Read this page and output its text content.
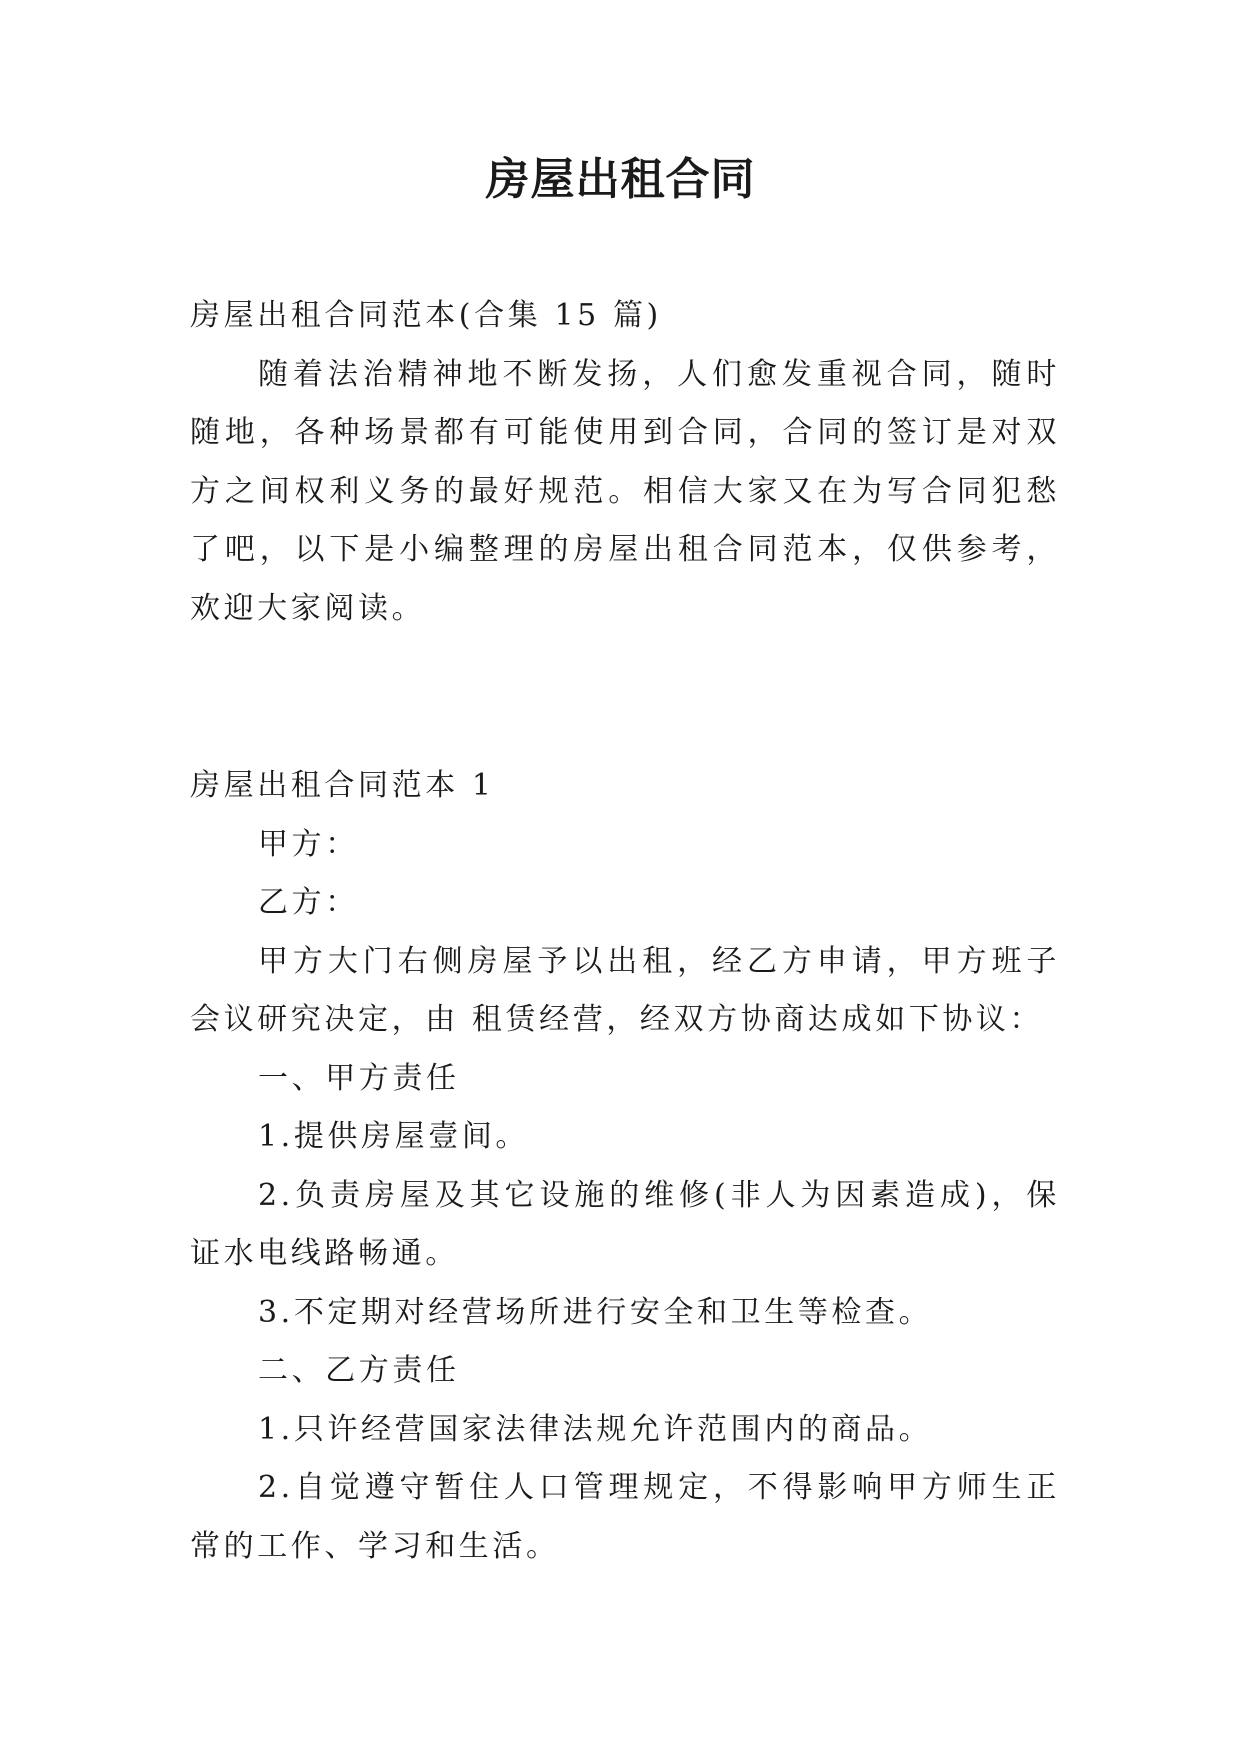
房屋出租合同

房屋出租合同范本(合集 15 篇)

随着法治精神地不断发扬，人们愈发重视合同，随时随地，各种场景都有可能使用到合同，合同的签订是对双方之间权利义务的最好规范。相信大家又在为写合同犯愁了吧，以下是小编整理的房屋出租合同范本，仅供参考，欢迎大家阅读。

房屋出租合同范本 1

甲方：

乙方：

甲方大门右侧房屋予以出租，经乙方申请，甲方班子会议研究决定，由 租赁经营，经双方协商达成如下协议：

一、甲方责任

1.提供房屋壹间。

2.负责房屋及其它设施的维修(非人为因素造成)，保证水电线路畅通。

3.不定期对经营场所进行安全和卫生等检查。

二、乙方责任

1.只许经营国家法律法规允许范围内的商品。

2.自觉遵守暂住人口管理规定，不得影响甲方师生正常的工作、学习和生活。
